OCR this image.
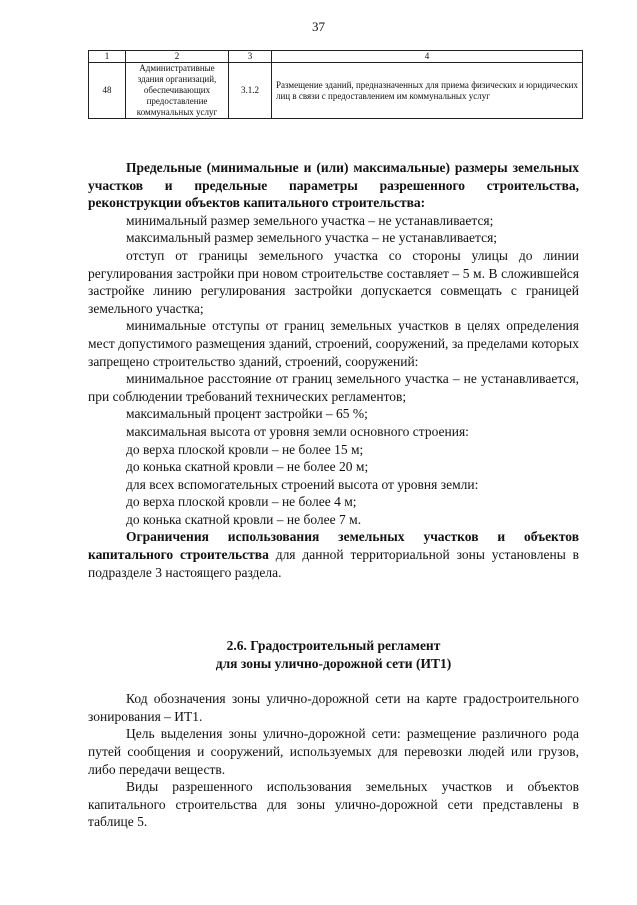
37
1	2	3	4
48	Административные здания организаций, обеспечивающих предоставление коммунальных услуг	3.1.2	Размещение зданий, предназначенных для приема физических и юридических лиц в связи с предоставлением им коммунальных услуг

Предельные (минимальные и (или) максимальные) размеры земельных участков и предельные параметры разрешенного строительства, реконструкции объектов капитального строительства:

минимальный размер земельного участка – не устанавливается;

максимальный размер земельного участка – не устанавливается;

отступ от границы земельного участка со стороны улицы до линии регулирования застройки при новом строительстве составляет – 5 м. В сложившейся застройке линию регулирования застройки допускается совмещать с границей земельного участка;

минимальные отступы от границ земельных участков в целях определения мест допустимого размещения зданий, строений, сооружений, за пределами которых запрещено строительство зданий, строений, сооружений:

минимальное расстояние от границ земельного участка – не устанавливается, при соблюдении требований технических регламентов;

максимальный процент застройки – 65 %;

максимальная высота от уровня земли основного строения:

до верха плоской кровли – не более 15 м;

до конька скатной кровли – не более 20 м;

для всех вспомогательных строений высота от уровня земли:

до верха плоской кровли – не более 4 м;

до конька скатной кровли – не более 7 м.

Ограничения использования земельных участков и объектов капитального строительства для данной территориальной зоны установлены в подразделе 3 настоящего раздела.

2.6. Градостроительный регламент

для зоны улично-дорожной сети (ИТ1)

Код обозначения зоны улично-дорожной сети на карте градостроительного зонирования – ИТ1.

Цель выделения зоны улично-дорожной сети: размещение различного рода путей сообщения и сооружений, используемых для перевозки людей или грузов, либо передачи веществ.

Виды разрешенного использования земельных участков и объектов капитального строительства для зоны улично-дорожной сети представлены в таблице 5.
